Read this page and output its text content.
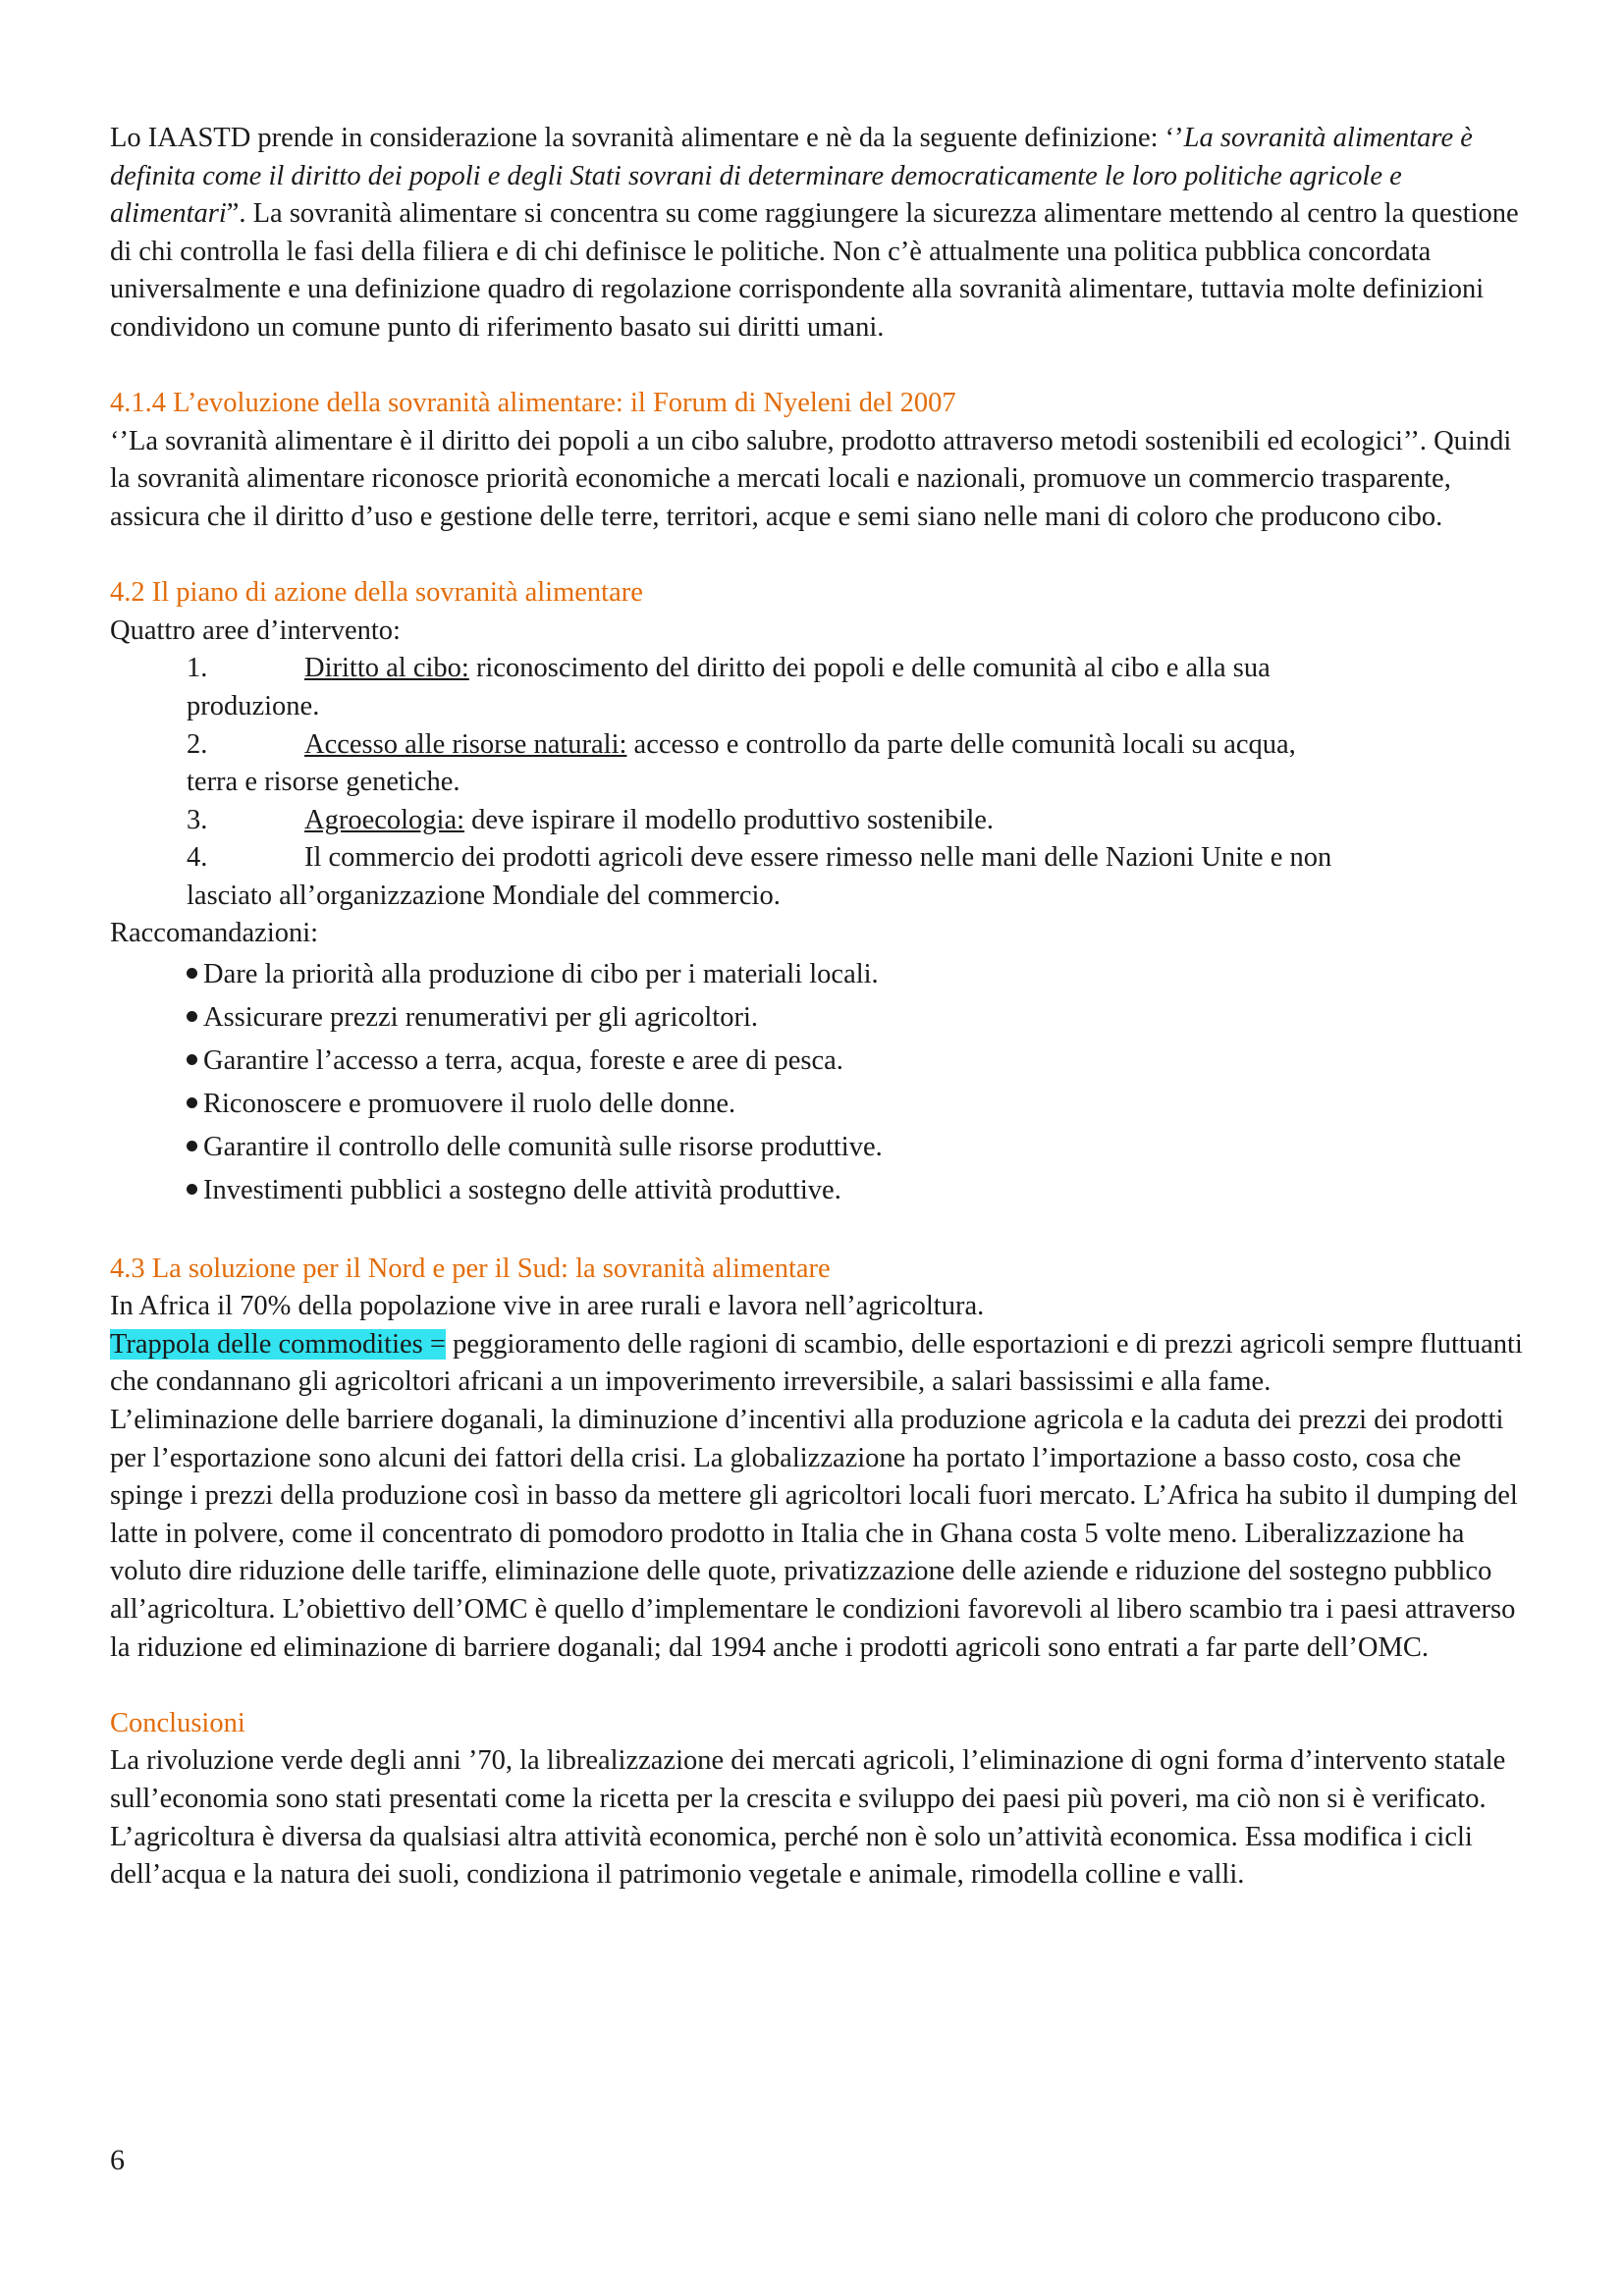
Lo IAASTD prende in considerazione la sovranità alimentare e nè da la seguente definizione: ‘’La sovranità alimentare è definita come il diritto dei popoli e degli Stati sovrani di determinare democraticamente le loro politiche agricole e alimentari”. La sovranità alimentare si concentra su come raggiungere la sicurezza alimentare mettendo al centro la questione di chi controlla le fasi della filiera e di chi definisce le politiche. Non c’è attualmente una politica pubblica concordata universalmente e una definizione quadro di regolazione corrispondente alla sovranità alimentare, tuttavia molte definizioni condividono un comune punto di riferimento basato sui diritti umani.

4.1.4 L’evoluzione della sovranità alimentare: il Forum di Nyeleni del 2007

‘’La sovranità alimentare è il diritto dei popoli a un cibo salubre, prodotto attraverso metodi sostenibili ed ecologici’’. Quindi la sovranità alimentare riconosce priorità economiche a mercati locali e nazionali, promuove un commercio trasparente, assicura che il diritto d’uso e gestione delle terre, territori, acque e semi siano nelle mani di coloro che producono cibo.

4.2 Il piano di azione della sovranità alimentare

Quattro aree d’intervento:

1.	Diritto al cibo: riconoscimento del diritto dei popoli e delle comunità al cibo e alla sua
produzione.
2.	Accesso alle risorse naturali: accesso e controllo da parte delle comunità locali su acqua,
terra e risorse genetiche.
3.	Agroecologia: deve ispirare il modello produttivo sostenibile.
4.	Il commercio dei prodotti agricoli deve essere rimesso nelle mani delle Nazioni Unite e non
lasciato all’organizzazione Mondiale del commercio.

Raccomandazioni:

Dare la priorità alla produzione di cibo per i materiali locali.
Assicurare prezzi renumerativi per gli agricoltori.
Garantire l’accesso a terra, acqua, foreste e aree di pesca.
Riconoscere e promuovere il ruolo delle donne.
Garantire il controllo delle comunità sulle risorse produttive.
Investimenti pubblici a sostegno delle attività produttive.

4.3 La soluzione per il Nord e per il Sud: la sovranità alimentare

In Africa il 70% della popolazione vive in aree rurali e lavora nell’agricoltura.

Trappola delle commodities = peggioramento delle ragioni di scambio, delle esportazioni e di prezzi agricoli sempre fluttuanti che condannano gli agricoltori africani a un impoverimento irreversibile, a salari bassissimi e alla fame.

L’eliminazione delle barriere doganali, la diminuzione d’incentivi alla produzione agricola e la caduta dei prezzi dei prodotti per l’esportazione sono alcuni dei fattori della crisi. La globalizzazione ha portato l’importazione a basso costo, cosa che spinge i prezzi della produzione così in basso da mettere gli agricoltori locali fuori mercato. L’Africa ha subito il dumping del latte in polvere, come il concentrato di pomodoro prodotto in Italia che in Ghana costa 5 volte meno. Liberalizzazione ha voluto dire riduzione delle tariffe, eliminazione delle quote, privatizzazione delle aziende e riduzione del sostegno pubblico all’agricoltura. L’obiettivo dell’OMC è quello d’implementare le condizioni favorevoli al libero scambio tra i paesi attraverso la riduzione ed eliminazione di barriere doganali; dal 1994 anche i prodotti agricoli sono entrati a far parte dell’OMC.

Conclusioni

La rivoluzione verde degli anni ’70, la librealizzazione dei mercati agricoli, l’eliminazione di ogni forma d’intervento statale sull’economia sono stati presentati come la ricetta per la crescita e sviluppo dei paesi più poveri, ma ciò non si è verificato. L’agricoltura è diversa da qualsiasi altra attività economica, perché non è solo un’attività economica. Essa modifica i cicli dell’acqua e la natura dei suoli, condiziona il patrimonio vegetale e animale, rimodella colline e valli.

6
